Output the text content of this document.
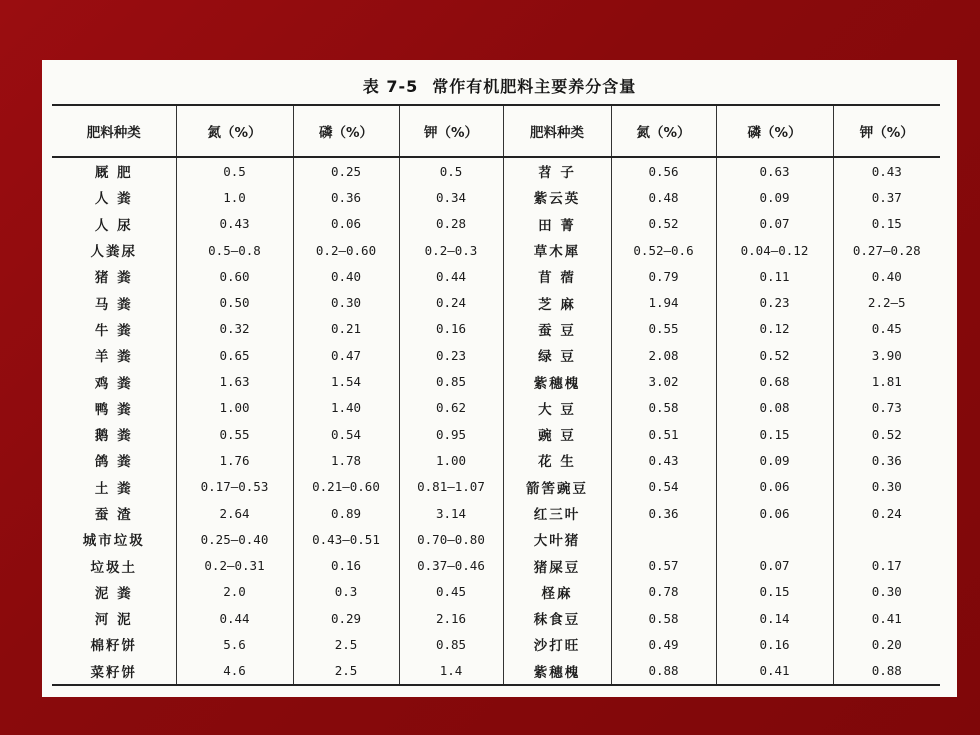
表 7-5 常作有机肥料主要养分含量
肥料种类	氮（%）	磷（%）	钾（%）	肥料种类	氮（%）	磷（%）	钾（%）
厩 肥	0.5	0.25	0.5	苕 子	0.56	0.63	0.43
人 粪	1.0	0.36	0.34	紫云英	0.48	0.09	0.37
人 尿	0.43	0.06	0.28	田 菁	0.52	0.07	0.15
人粪尿	0.5—0.8	0.2—0.60	0.2—0.3	草木犀	0.52—0.6	0.04—0.12	0.27—0.28
猪 粪	0.60	0.40	0.44	苜 蓿	0.79	0.11	0.40
马 粪	0.50	0.30	0.24	芝 麻	1.94	0.23	2.2—5
牛 粪	0.32	0.21	0.16	蚕 豆	0.55	0.12	0.45
羊 粪	0.65	0.47	0.23	绿 豆	2.08	0.52	3.90
鸡 粪	1.63	1.54	0.85	紫穗槐	3.02	0.68	1.81
鸭 粪	1.00	1.40	0.62	大 豆	0.58	0.08	0.73
鹅 粪	0.55	0.54	0.95	豌 豆	0.51	0.15	0.52
鸽 粪	1.76	1.78	1.00	花 生	0.43	0.09	0.36
土 粪	0.17—0.53	0.21—0.60	0.81—1.07	箭筈豌豆	0.54	0.06	0.30
蚕 渣	2.64	0.89	3.14	红三叶	0.36	0.06	0.24
城市垃圾	0.25—0.40	0.43—0.51	0.70—0.80	大叶猪			
垃圾土	0.2—0.31	0.16	0.37—0.46	猪屎豆	0.57	0.07	0.17
泥 粪	2.0	0.3	0.45	柽麻	0.78	0.15	0.30
河 泥	0.44	0.29	2.16	秣食豆	0.58	0.14	0.41
棉籽饼	5.6	2.5	0.85	沙打旺	0.49	0.16	0.20
菜籽饼	4.6	2.5	1.4	紫穗槐	0.88	0.41	0.88
